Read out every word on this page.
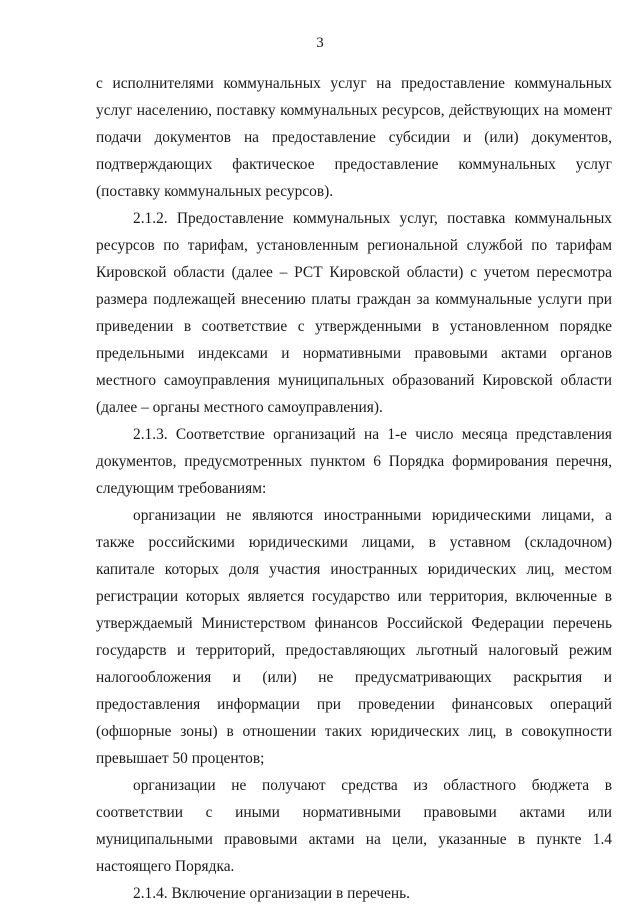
3

с исполнителями коммунальных услуг на предоставление коммунальных услуг населению, поставку коммунальных ресурсов, действующих на момент подачи документов на предоставление субсидии и (или) документов, подтверждающих фактическое предоставление коммунальных услуг (поставку коммунальных ресурсов).

2.1.2. Предоставление коммунальных услуг, поставка коммунальных ресурсов по тарифам, установленным региональной службой по тарифам Кировской области (далее – РСТ Кировской области) с учетом пересмотра размера подлежащей внесению платы граждан за коммунальные услуги при приведении в соответствие с утвержденными в установленном порядке предельными индексами и нормативными правовыми актами органов местного самоуправления муниципальных образований Кировской области (далее – органы местного самоуправления).

2.1.3. Соответствие организаций на 1-е число месяца представления документов, предусмотренных пунктом 6 Порядка формирования перечня, следующим требованиям:

организации не являются иностранными юридическими лицами, а также российскими юридическими лицами, в уставном (складочном) капитале которых доля участия иностранных юридических лиц, местом регистрации которых является государство или территория, включенные в утверждаемый Министерством финансов Российской Федерации перечень государств и территорий, предоставляющих льготный налоговый режим налогообложения и (или) не предусматривающих раскрытия и предоставления информации при проведении финансовых операций (офшорные зоны) в отношении таких юридических лиц, в совокупности превышает 50 процентов;

организации не получают средства из областного бюджета в соответствии с иными нормативными правовыми актами или муниципальными правовыми актами на цели, указанные в пункте 1.4 настоящего Порядка.

2.1.4. Включение организации в перечень.
